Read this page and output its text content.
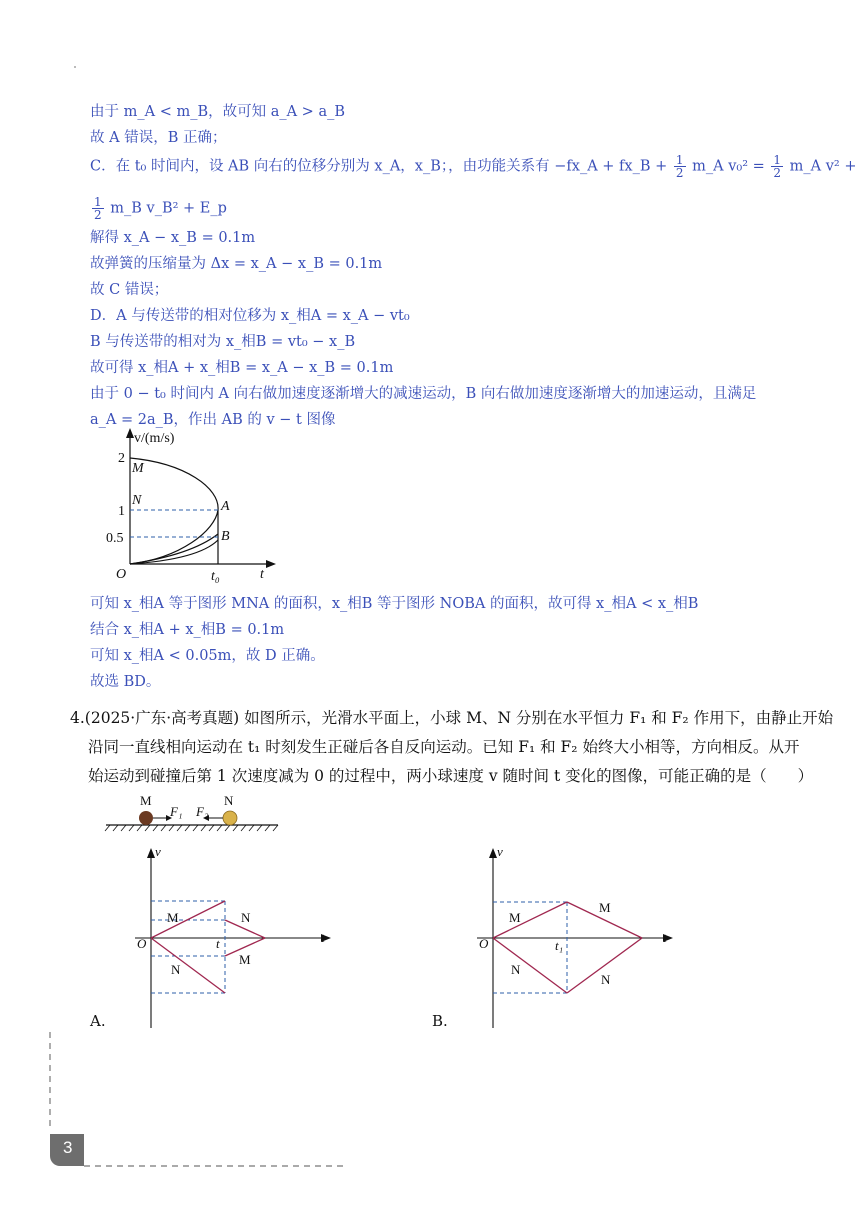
由于 m_A < m_B，故可知 a_A > a_B
故 A 错误，B 正确；
C．在 t₀ 时间内，设 AB 向右的位移分别为 x_A，x_B；，由功能关系有 −fx_A + fx_B + $\frac{1}{2}$ m_A $v_0^2 = \frac{1}{2}$ m_A v² +
$\frac{1}{2}$ m_B v_B² + E_p
解得 x_A − x_B = 0.1m
故弹簧的压缩量为 Δx = x_A − x_B = 0.1m
故 C 错误；
D．A 与传送带的相对位移为 x_相A = x_A − vt₀
B 与传送带的相对为 x_相B = vt₀ − x_B
故可得 x_相A + x_相B = x_A − x_B = 0.1m
由于 0 − t₀ 时间内 A 向右做加速度逐渐增大的减速运动，B 向右做加速度逐渐增大的加速运动，且满足
a_A = 2a_B，作出 AB 的 v − t 图像
v/(m/s)
2
1
0.5
O	t₀	t
M
N	A
B
可知 x_相A 等于图形 MNA 的面积，x_相B 等于图形 NOBA 的面积，故可得 x_相A < x_相B
结合 x_相A + x_相B = 0.1m
可知 x_相A < 0.05m，故 D 正确。
故选 BD。
4.(2025·广东·高考真题) 如图所示，光滑水平面上，小球 M、N 分别在水平恒力 F₁ 和 F₂ 作用下，由静止开始
沿同一直线相向运动在 t₁ 时刻发生正碰后各自反向运动。已知 F₁ 和 F₂ 始终大小相等，方向相反。从开
始运动到碰撞后第 1 次速度减为 0 的过程中，两小球速度 v 随时间 t 变化的图像，可能正确的是（　　）
M	N
F₁ F₂
v
t
O	t
M	N
N
M
A.
v
t
O	t₁
M
M
N
N
B.
3
